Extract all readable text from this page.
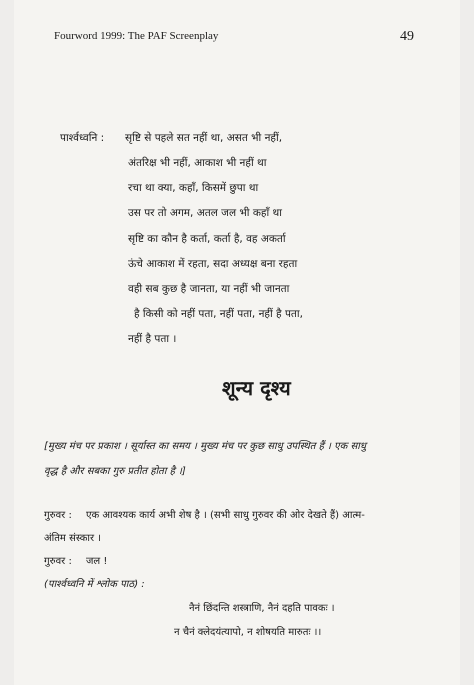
Fourword 1999: The PAF Screenplay	49
पार्श्वध्वनि : सृष्टि से पहले सत नहीं था, असत भी नहीं,
अंतरिक्ष भी नहीं, आकाश भी नहीं था
रचा था क्या, कहाँ, किसमें छुपा था
उस पर तो अगम, अतल जल भी कहाँ था
सृष्टि का कौन है कर्ता, कर्ता है, वह अकर्ता
ऊंचे आकाश में रहता, सदा अध्यक्ष बना रहता
वही सब कुछ है जानता, या नहीं भी जानता
है किसी को नहीं पता, नहीं पता, नहीं है पता,
नहीं है पता ।
शून्य दृश्य
[मुख्य मंच पर प्रकाश । सूर्यास्त का समय । मुख्य मंच पर कुछ साधु उपस्थित हैं । एक साधु
वृद्ध है और सबका गुरु प्रतीत होता है ।]
गुरुवर : एक आवश्यक कार्य अभी शेष है । (सभी साधु गुरुवर की ओर देखते हैं) आत्म-
अंतिम संस्कार ।
गुरुवर : जल !
(पार्श्वध्वनि में श्लोक पाठ) :
नैनं छिंदन्ति शस्त्राणि, नैनं दहति पावकः ।
न चैनं क्लेदयंत्यापो, न शोषयति मारुतः ।।
